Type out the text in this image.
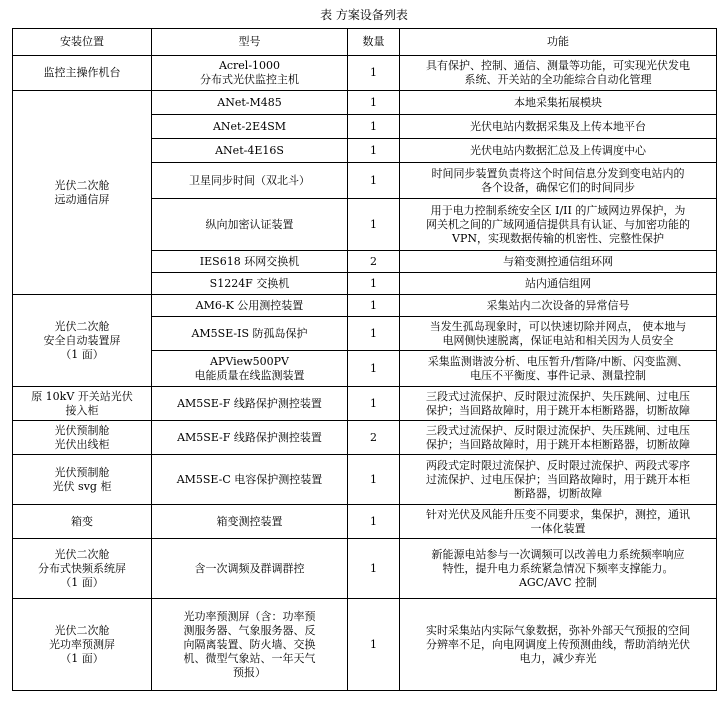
表 方案设备列表
安装位置	型号	数量	功能

监控主操作机台	Acrel-1000
分布式光伏监控主机	1	具有保护、控制、通信、测量等功能，可实现光伏发电
系统、开关站的全功能综合自动化管理

光伏二次舱
远动通信屏	ANet-M485	1	本地采集拓展模块

	ANet-2E4SM	1	光伏电站内数据采集及上传本地平台

	ANet-4E16S	1	光伏电站内数据汇总及上传调度中心

	卫星同步时间（双北斗）	1	时间同步装置负责将这个时间信息分发到变电站内的
各个设备，确保它们的时间同步

	纵向加密认证装置	1	用于电力控制系统安全区 I/II 的广域网边界保护，为
网关机之间的广域网通信提供具有认证、与加密功能的
VPN，实现数据传输的机密性、完整性保护

	IES618 环网交换机	2	与箱变测控通信组环网

	S1224F 交换机	1	站内通信组网

光伏二次舱
安全自动装置屏
（1 面）	AM6-K 公用测控装置	1	采集站内二次设备的异常信号

	AM5SE-IS 防孤岛保护	1	当发生孤岛现象时，可以快速切除并网点， 使本地与
电网侧快速脱离，保证电站和相关因为人员安全

	APView500PV
电能质量在线监测装置	1	采集监测谐波分析、电压暂升/暂降/中断、闪变监测、
电压不平衡度、事件记录、测量控制

原 10kV 开关站光伏
接入柜	AM5SE-F 线路保护测控装置	1	三段式过流保护、反时限过流保护、失压跳闸、过电压
保护；当回路故障时，用于跳开本柜断路器，切断故障

光伏预制舱
光伏出线柜	AM5SE-F 线路保护测控装置	2	三段式过流保护、反时限过流保护、失压跳闸、过电压
保护；当回路故障时，用于跳开本柜断路器，切断故障

光伏预制舱
光伏 svg 柜	AM5SE-C 电容保护测控装置	1	两段式定时限过流保护、反时限过流保护、两段式零序
过流保护、过电压保护；当回路故障时，用于跳开本柜
断路器，切断故障

箱变	箱变测控装置	1	针对光伏及风能升压变不同要求，集保护，测控，通讯
一体化装置

光伏二次舱
分布式快频系统屏
（1 面）	含一次调频及群调群控	1	新能源电站参与一次调频可以改善电力系统频率响应
特性，提升电力系统紧急情况下频率支撑能力。
AGC/AVC 控制

光伏二次舱
光功率预测屏
（1 面）	光功率预测屏（含：功率预
测服务器、气象服务器、反
向隔离装置、防火墙、交换
机、微型气象站、一年天气
预报）	1	实时采集站内实际气象数据，弥补外部天气预报的空间
分辨率不足，向电网调度上传预测曲线，帮助消纳光伏
电力，减少弃光
